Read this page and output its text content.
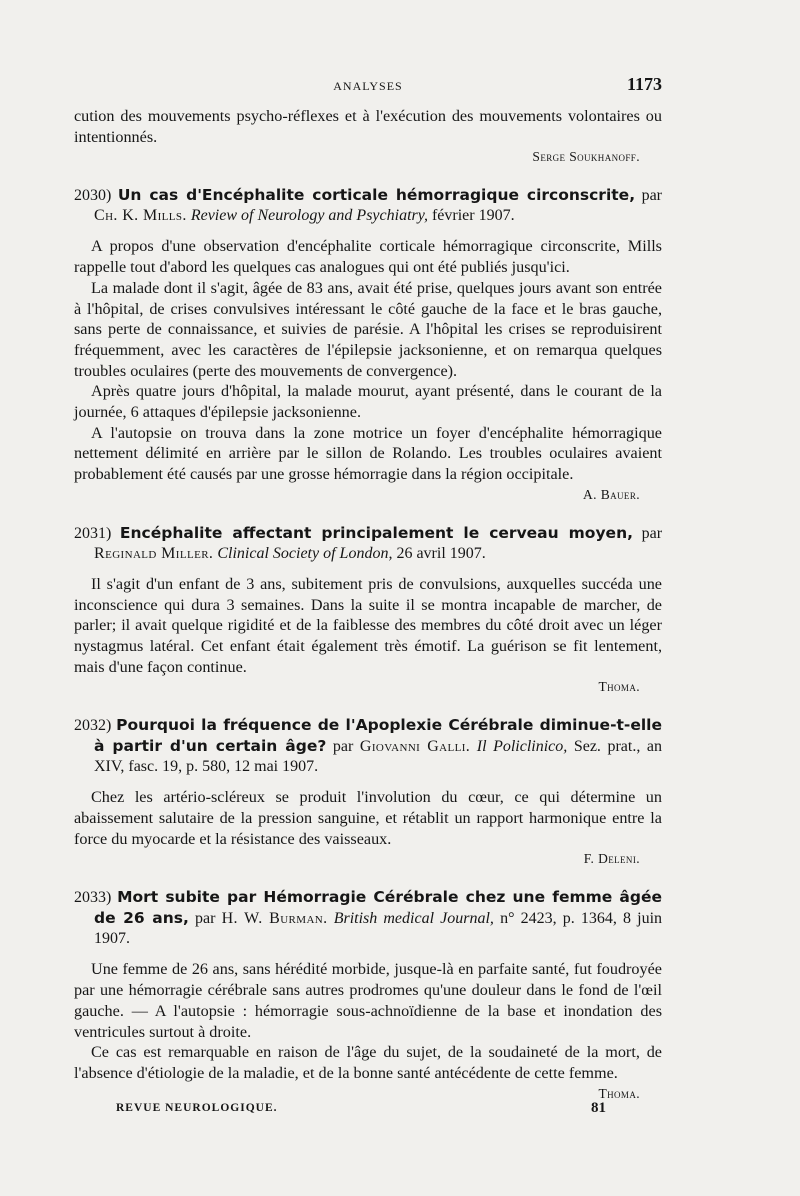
ANALYSES	1173

cution des mouvements psycho-réflexes et à l'exécution des mouvements volontaires ou intentionnés.

Serge Soukhanoff.

2030) Un cas d'Encéphalite corticale hémorragique circonscrite, par Ch. K. Mills. Review of Neurology and Psychiatry, février 1907.

A propos d'une observation d'encéphalite corticale hémorragique circonscrite, Mills rappelle tout d'abord les quelques cas analogues qui ont été publiés jusqu'ici.

La malade dont il s'agit, âgée de 83 ans, avait été prise, quelques jours avant son entrée à l'hôpital, de crises convulsives intéressant le côté gauche de la face et le bras gauche, sans perte de connaissance, et suivies de parésie. A l'hôpital les crises se reproduisirent fréquemment, avec les caractères de l'épilepsie jacksonienne, et on remarqua quelques troubles oculaires (perte des mouvements de convergence).

Après quatre jours d'hôpital, la malade mourut, ayant présenté, dans le courant de la journée, 6 attaques d'épilepsie jacksonienne.

A l'autopsie on trouva dans la zone motrice un foyer d'encéphalite hémorragique nettement délimité en arrière par le sillon de Rolando. Les troubles oculaires avaient probablement été causés par une grosse hémorragie dans la région occipitale.

A. Bauer.

2031) Encéphalite affectant principalement le cerveau moyen, par Reginald Miller. Clinical Society of London, 26 avril 1907.

Il s'agit d'un enfant de 3 ans, subitement pris de convulsions, auxquelles succéda une inconscience qui dura 3 semaines. Dans la suite il se montra incapable de marcher, de parler; il avait quelque rigidité et de la faiblesse des membres du côté droit avec un léger nystagmus latéral. Cet enfant était également très émotif. La guérison se fit lentement, mais d'une façon continue.

Thoma.

2032) Pourquoi la fréquence de l'Apoplexie Cérébrale diminue-t-elle à partir d'un certain âge? par Giovanni Galli. Il Policlinico, Sez. prat., an XIV, fasc. 19, p. 580, 12 mai 1907.

Chez les artério-scléreux se produit l'involution du cœur, ce qui détermine un abaissement salutaire de la pression sanguine, et rétablit un rapport harmonique entre la force du myocarde et la résistance des vaisseaux.

F. Deleni.

2033) Mort subite par Hémorragie Cérébrale chez une femme âgée de 26 ans, par H. W. Burman. British medical Journal, n° 2423, p. 1364, 8 juin 1907.

Une femme de 26 ans, sans hérédité morbide, jusque-là en parfaite santé, fut foudroyée par une hémorragie cérébrale sans autres prodromes qu'une douleur dans le fond de l'œil gauche. — A l'autopsie : hémorragie sous-achnoïdienne de la base et inondation des ventricules surtout à droite.

Ce cas est remarquable en raison de l'âge du sujet, de la soudaineté de la mort, de l'absence d'étiologie de la maladie, et de la bonne santé antécédente de cette femme.

Thoma.

REVUE NEUROLOGIQUE.	81
